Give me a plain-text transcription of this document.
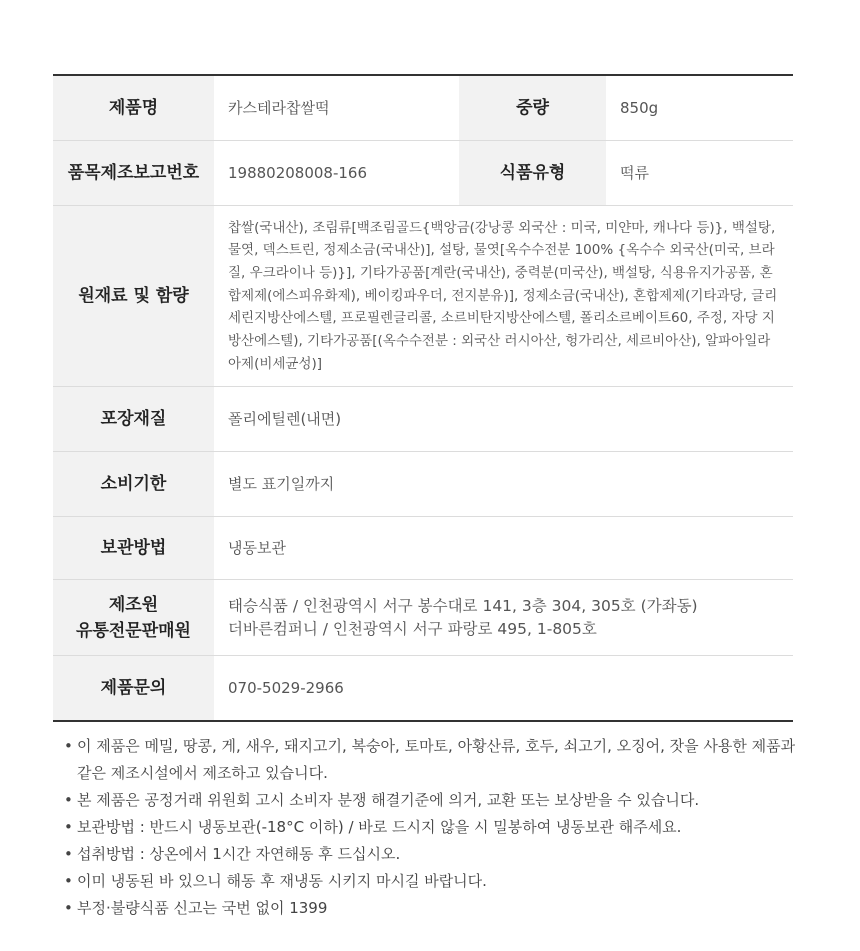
제품명	카스테라찹쌀떡	중량	850g
품목제조보고번호	19880208008-166	식품유형	떡류
원재료 및 함량	찹쌀(국내산), 조림류[백조림골드{백앙금(강낭콩 외국산 : 미국, 미얀마, 캐나다 등)}, 백설탕, 물엿, 덱스트린, 정제소금(국내산)], 설탕, 물엿[옥수수전분 100% {옥수수 외국산(미국, 브라질, 우크라이나 등)}], 기타가공품[계란(국내산), 중력분(미국산), 백설탕, 식용유지가공품, 혼합제제(에스피유화제), 베이킹파우더, 전지분유)], 정제소금(국내산), 혼합제제(기타과당, 글리세린지방산에스텔, 프로필렌글리콜, 소르비탄지방산에스텔, 폴리소르베이트60, 주정, 자당 지방산에스텔), 기타가공품[(옥수수전분 : 외국산 러시아산, 헝가리산, 세르비아산), 알파아일라아제(비세균성)]		
포장재질	폴리에틸렌(내면)		
소비기한	별도 표기일까지		
보관방법	냉동보관		

제조원
유통전문판매원	태승식품 / 인천광역시 서구 봉수대로 141, 3층 304, 305호 (가좌동)
더바른컴퍼니 / 인천광역시 서구 파랑로 495, 1-805호		

제품문의	070-5029-2966		
• 이 제품은 메밀, 땅콩, 게, 새우, 돼지고기, 복숭아, 토마토, 아황산류, 호두, 쇠고기, 오징어, 잣을 사용한 제품과 같은 제조시설에서 제조하고 있습니다.
• 본 제품은 공정거래 위원회 고시 소비자 분쟁 해결기준에 의거, 교환 또는 보상받을 수 있습니다.
• 보관방법 : 반드시 냉동보관(-18°C 이하) / 바로 드시지 않을 시 밀봉하여 냉동보관 해주세요.
• 섭취방법 : 상온에서 1시간 자연해동 후 드십시오.
• 이미 냉동된 바 있으니 해동 후 재냉동 시키지 마시길 바랍니다.
• 부정·불량식품 신고는 국번 없이 1399
